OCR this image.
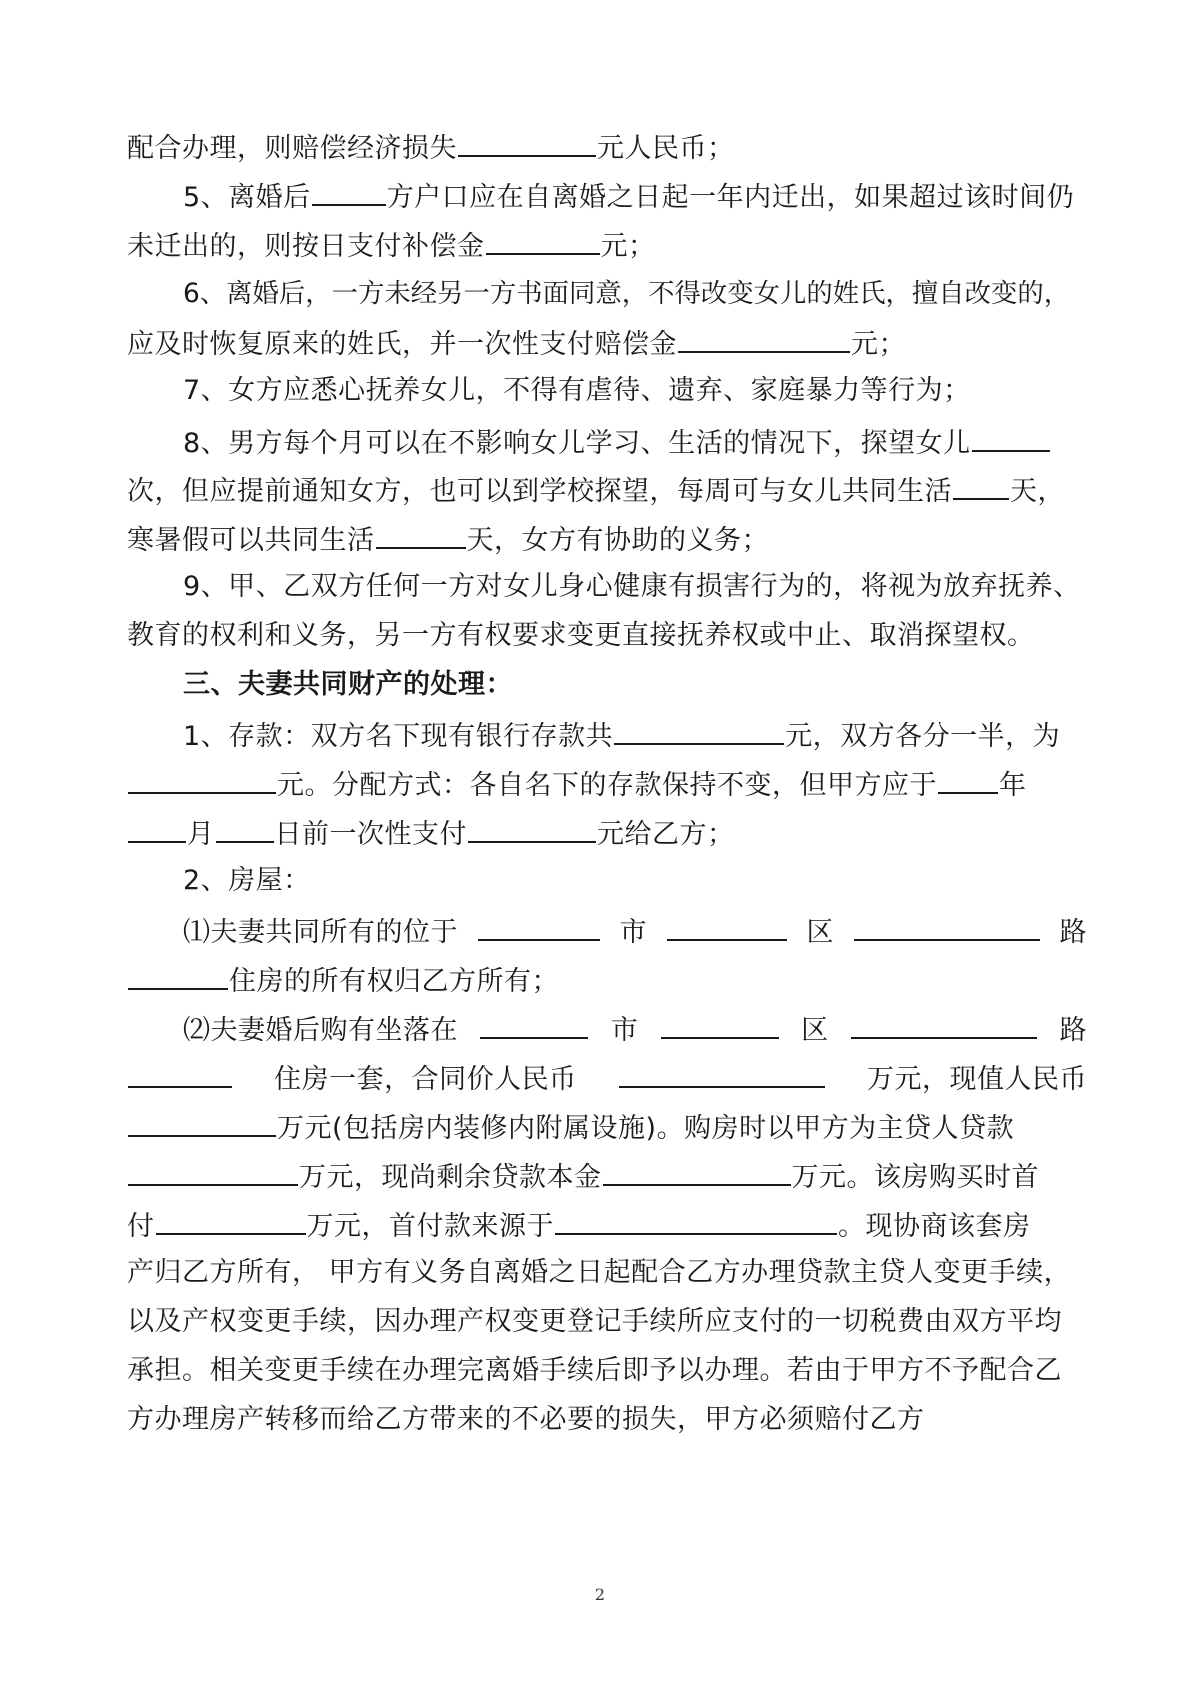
配合办理，则赔偿经济损失	元人民币；
5、离婚后	方户口应在自离婚之日起一年内迁出，如果超过该时间仍
未迁出的，则按日支付补偿金	元；
6、离婚后，一方未经另一方书面同意，不得改变女儿的姓氏，擅自改变的，
应及时恢复原来的姓氏，并一次性支付赔偿金	元；
7、女方应悉心抚养女儿，不得有虐待、遗弃、家庭暴力等行为；
8、男方每个月可以在不影响女儿学习、生活的情况下，探望女儿
次，但应提前通知女方，也可以到学校探望，每周可与女儿共同生活 天，
寒暑假可以共同生活	天，女方有协助的义务；
9、甲、乙双方任何一方对女儿身心健康有损害行为的，将视为放弃抚养、
教育的权利和义务，另一方有权要求变更直接抚养权或中止、取消探望权。
三、夫妻共同财产的处理：
1、存款：双方名下现有银行存款共	元，双方各分一半，为
元。分配方式：各自名下的存款保持不变，但甲方应于 年
月 日前一次性支付	元给乙方；
2、房屋：
⑴夫妻共同所有的位于	市	区	路
住房的所有权归乙方所有；
⑵夫妻婚后购有坐落在	市	区	路
住房一套，合同价人民币	万元，现值人民币
万元(包括房内装修内附属设施)。购房时以甲方为主贷人贷款
万元，现尚剩余贷款本金	万元。该房购买时首
付	万元，首付款来源于	。现协商该套房
产归乙方所有， 甲方有义务自离婚之日起配合乙方办理贷款主贷人变更手续，
以及产权变更手续，因办理产权变更登记手续所应支付的一切税费由双方平均
承担。相关变更手续在办理完离婚手续后即予以办理。若由于甲方不予配合乙
方办理房产转移而给乙方带来的不必要的损失，甲方必须赔付乙方
2
